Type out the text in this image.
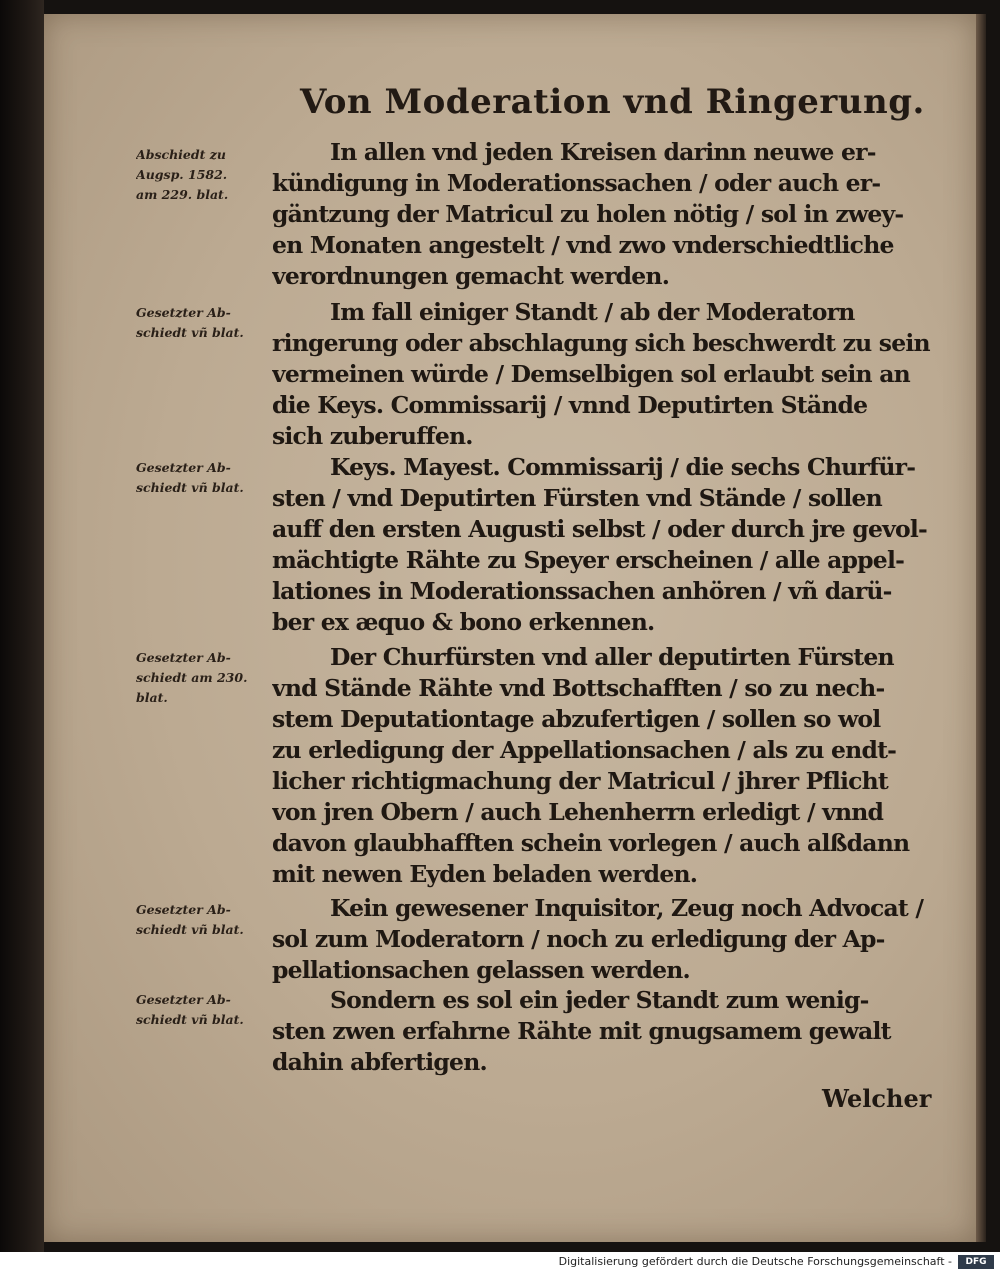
Von Moderation vnd Ringerung.
In allen vnd jeden Kreisen darinn neuwe er-
kündigung in Moderationssachen / oder auch er-
gäntzung der Matricul zu holen nötig / sol in zwey-
en Monaten angestelt / vnd zwo vnderschiedtliche
verordnungen gemacht werden.
Im fall einiger Standt / ab der Moderatorn
ringerung oder abschlagung sich beschwerdt zu sein
vermeinen würde / Demselbigen sol erlaubt sein an
die Keys. Commissarij / vnnd Deputirten Stände
sich zuberuffen.
Keys. Mayest. Commissarij / die sechs Churfür-
sten / vnd Deputirten Fürsten vnd Stände / sollen
auff den ersten Augusti selbst / oder durch jre gevol-
mächtigte Rähte zu Speyer erscheinen / alle appel-
lationes in Moderationssachen anhören / vñ darü-
ber ex æquo & bono erkennen.
Der Churfürsten vnd aller deputirten Fürsten
vnd Stände Rähte vnd Bottschafften / so zu nech-
stem Deputationtage abzufertigen / sollen so wol
zu erledigung der Appellationsachen / als zu endt-
licher richtigmachung der Matricul / jhrer Pflicht
von jren Obern / auch Lehenherrn erledigt / vnnd
davon glaubhafften schein vorlegen / auch alßdann
mit newen Eyden beladen werden.
Kein gewesener Inquisitor, Zeug noch Advocat /
sol zum Moderatorn / noch zu erledigung der Ap-
pellationsachen gelassen werden.
Sondern es sol ein jeder Standt zum wenig-
sten zwen erfahrne Rähte mit gnugsamem gewalt
dahin abfertigen.
Abschiedt zu
Augsp. 1582.
am 229. blat.
Gesetzter Ab-
schiedt vñ blat.
Gesetzter Ab-
schiedt vñ blat.
Gesetzter Ab-
schiedt am 230.
blat.
Gesetzter Ab-
schiedt vñ blat.
Gesetzter Ab-
schiedt vñ blat.
Welcher
Digitalisierung gefördert durch die Deutsche Forschungsgemeinschaft -	DFG
